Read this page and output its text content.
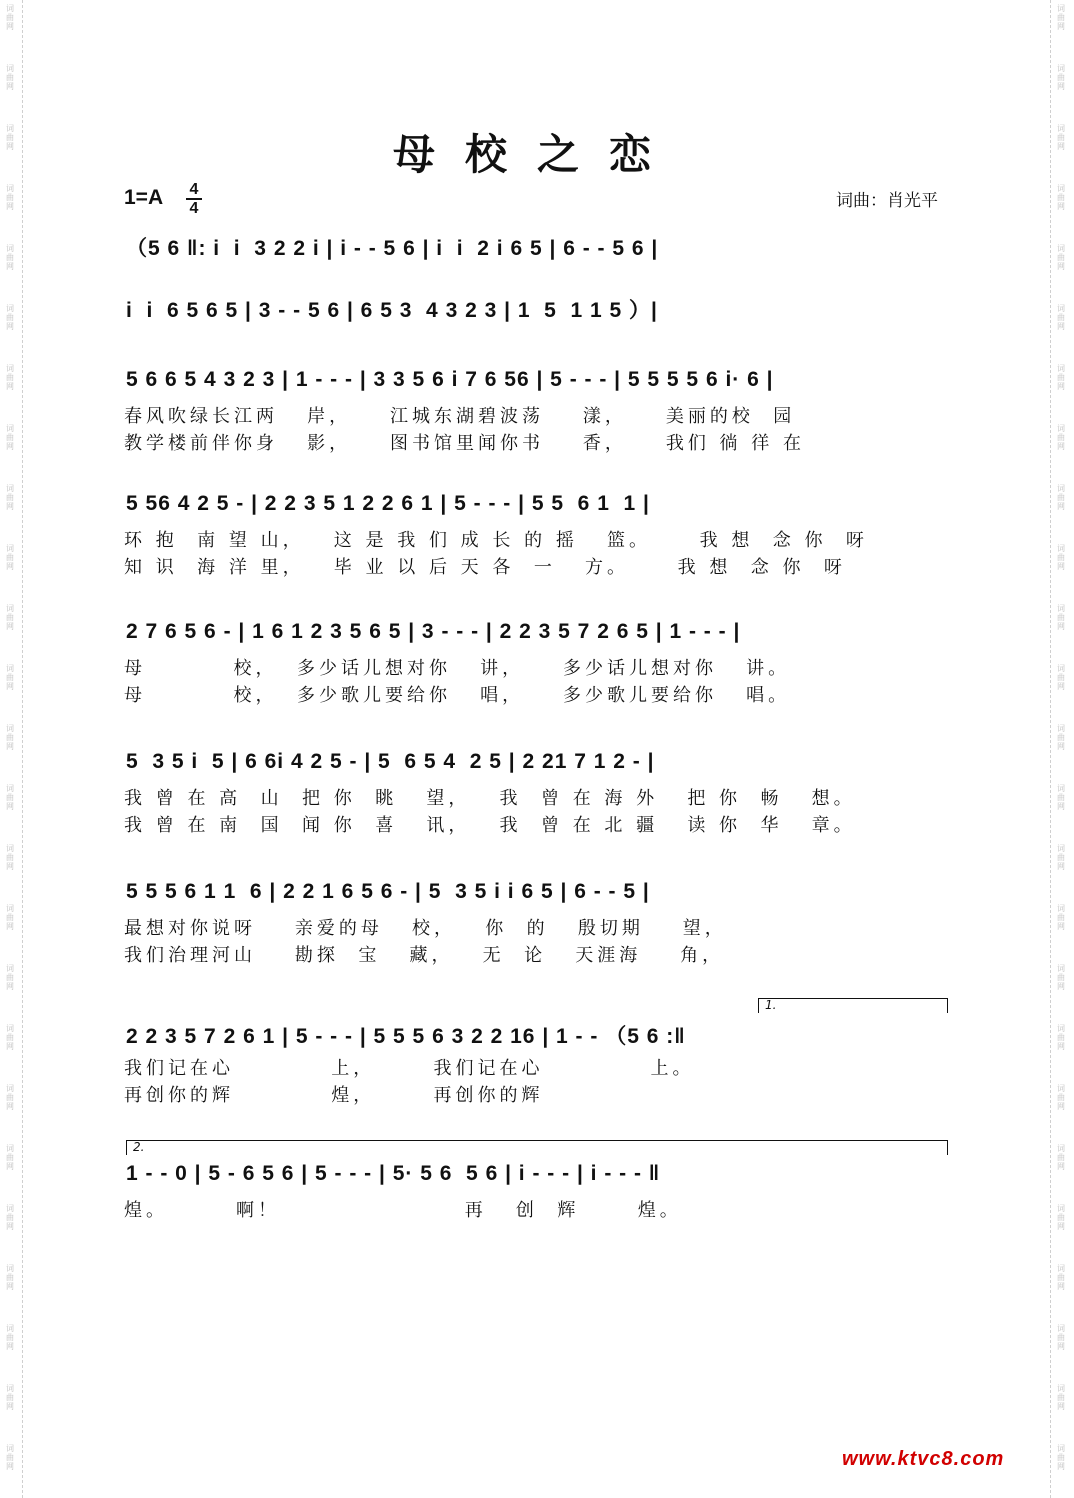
词
曲
网
词
曲
网
词
曲
网
词
曲
网
词
曲
网
词
曲
网
词
曲
网
词
曲
网
词
曲
网
词
曲
网
词
曲
网
词
曲
网
词
曲
网
词
曲
网
词
曲
网
词
曲
网
词
曲
网
词
曲
网
词
曲
网
词
曲
网
词
曲
网
词
曲
网
词
曲
网
词
曲
网
词
曲
网
词
曲
网
词
曲
网
词
曲
网
词
曲
网
词
曲
网
词
曲
网
词
曲
网
词
曲
网
词
曲
网
词
曲
网
词
曲
网
词
曲
网
词
曲
网
词
曲
网
词
曲
网
词
曲
网
词
曲
网
词
曲
网
词
曲
网
词
曲
网
词
曲
网
词
曲
网
词
曲
网
词
曲
网
词
曲
网
母校之恋
1=A 4
4	词曲：肖光平
（5 6 ‖: i  i  3 2 2 i | i - - 5 6 | i  i  2 i 6 5 | 6 - - 5 6 |
i  i  6 5 6 5 | 3 - - 5 6 | 6 5 3  4 3 2 3 | 1  5  1 1 5 ）|
5 6 6 5 4 3 2 3 | 1 - - - | 3 3 5 6 i 7 6 56 | 5 - - - | 5 5 5 5 6 i· 6 |
春风吹绿长江两   岸，    江城东湖碧波荡    漾，    美丽的校  园
教学楼前伴你身   影，    图书馆里闻你书    香，    我们 徜 徉 在
5 56 4 2 5 - | 2 2 3 5 1 2 2 6 1 | 5 - - - | 5 5  6 1  1 |
环 抱  南 望 山，   这 是 我 们 成 长 的 摇   篮。     我 想  念 你  呀
知 识  海 洋 里，   毕 业 以 后 天 各  一   方。     我 想  念 你  呀
2 7 6 5 6 - | 1 6 1 2 3 5 6 5 | 3 - - - | 2 2 3 5 7 2 6 5 | 1 - - - |
母         校，  多少话儿想对你   讲，    多少话儿想对你   讲。
母         校，  多少歌儿要给你   唱，    多少歌儿要给你   唱。
5  3 5 i  5 | 6 6i 4 2 5 - | 5  6 5 4  2 5 | 2 21 7 1 2 - |
我 曾 在 高  山  把 你  眺   望，   我  曾 在 海 外   把 你  畅   想。
我 曾 在 南  国  闻 你  喜   讯，   我  曾 在 北 疆   读 你  华   章。
5 5 5 6 1 1  6 | 2 2 1 6 5 6 - | 5  3 5 i i 6 5 | 6 - - 5 |
最想对你说呀    亲爱的母   校，   你  的   殷切期    望，
我们治理河山    勘探  宝   藏，   无  论   天涯海    角，
1.
2 2 3 5 7 2 6 1 | 5 - - - | 5 5 5 6 3 2 2 16 | 1 - - （5 6 :‖
我们记在心          上，      我们记在心           上。
再创你的辉          煌，      再创你的辉
2.
1 - - 0 | 5 - 6 5 6 | 5 - - - | 5· 5 6  5 6 | i - - - | i - - - ‖
煌。       啊！                   再   创  辉      煌。
www.ktvc8.com
